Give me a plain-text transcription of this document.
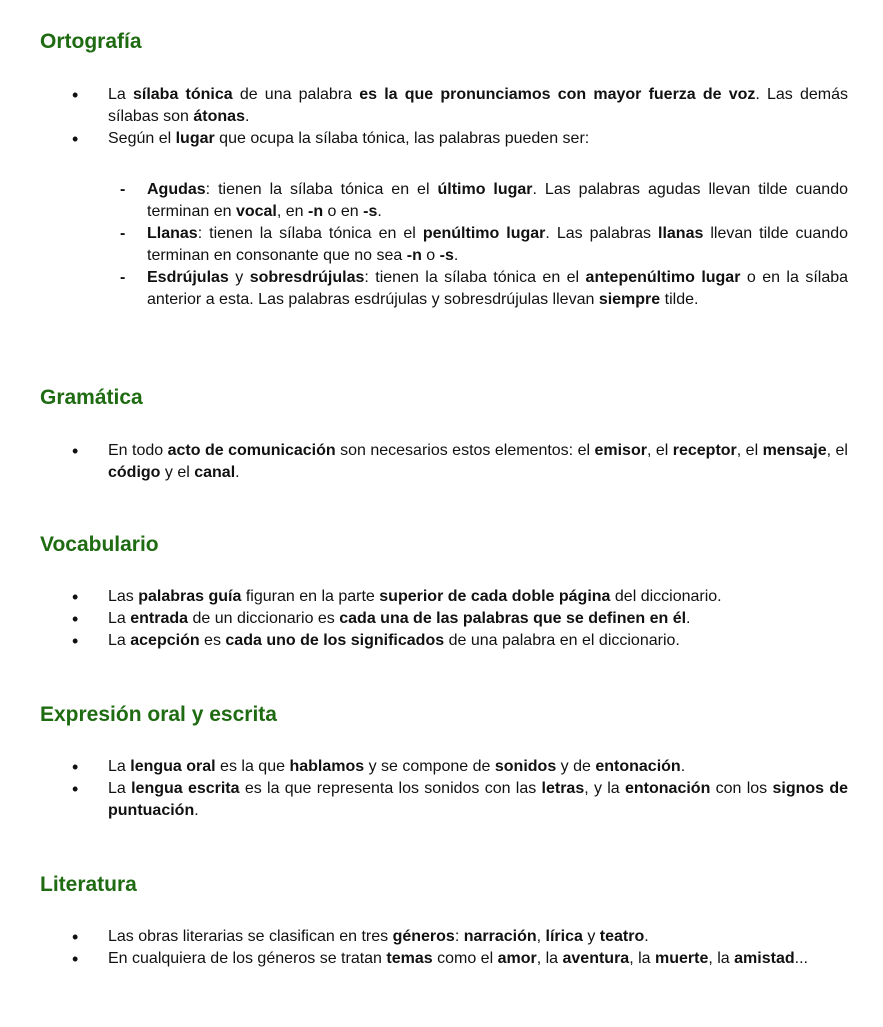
Ortografía
• La sílaba tónica de una palabra es la que pronunciamos con mayor fuerza de voz. Las demás sílabas son átonas.
• Según el lugar que ocupa la sílaba tónica, las palabras pueden ser:
- Agudas: tienen la sílaba tónica en el último lugar. Las palabras agudas llevan tilde cuando terminan en vocal, en -n o en -s.
- Llanas: tienen la sílaba tónica en el penúltimo lugar. Las palabras llanas llevan tilde cuando terminan en consonante que no sea -n o -s.
- Esdrújulas y sobresdrújulas: tienen la sílaba tónica en el antepenúltimo lugar o en la sílaba anterior a esta. Las palabras esdrújulas y sobresdrújulas llevan siempre tilde.
Gramática
• En todo acto de comunicación son necesarios estos elementos: el emisor, el receptor, el mensaje, el código y el canal.
Vocabulario
• Las palabras guía figuran en la parte superior de cada doble página del diccionario.
• La entrada de un diccionario es cada una de las palabras que se definen en él.
• La acepción es cada uno de los significados de una palabra en el diccionario.
Expresión oral y escrita
• La lengua oral es la que hablamos y se compone de sonidos y de entonación.
• La lengua escrita es la que representa los sonidos con las letras, y la entonación con los signos de puntuación.
Literatura
• Las obras literarias se clasifican en tres géneros: narración, lírica y teatro.
• En cualquiera de los géneros se tratan temas como el amor, la aventura, la muerte, la amistad...
